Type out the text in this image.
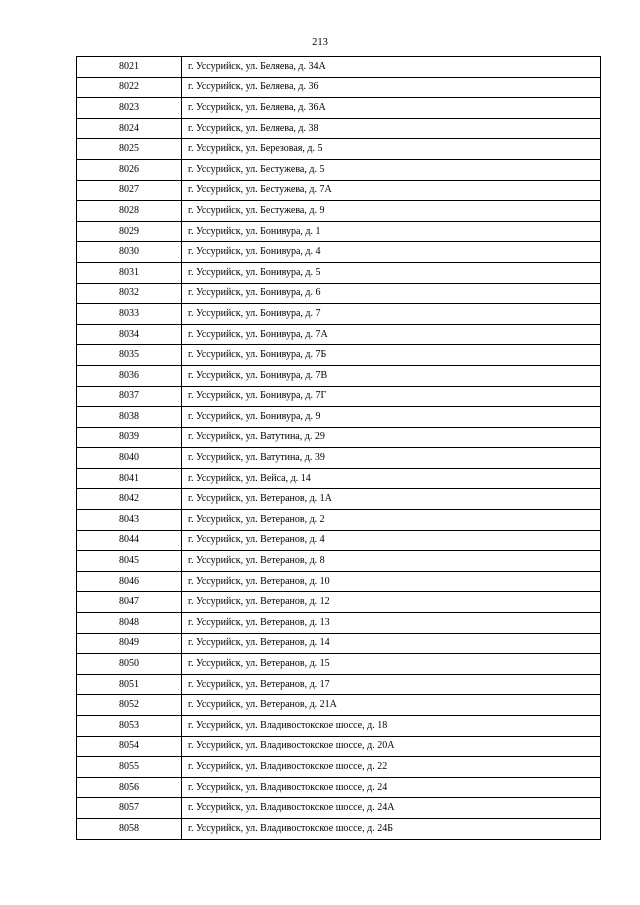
213
8021	г. Уссурийск, ул. Беляева, д. 34А
8022	г. Уссурийск, ул. Беляева, д. 36
8023	г. Уссурийск, ул. Беляева, д. 36А
8024	г. Уссурийск, ул. Беляева, д. 38
8025	г. Уссурийск, ул. Березовая, д. 5
8026	г. Уссурийск, ул. Бестужева, д. 5
8027	г. Уссурийск, ул. Бестужева, д. 7А
8028	г. Уссурийск, ул. Бестужева, д. 9
8029	г. Уссурийск, ул. Бонивура, д. 1
8030	г. Уссурийск, ул. Бонивура, д. 4
8031	г. Уссурийск, ул. Бонивура, д. 5
8032	г. Уссурийск, ул. Бонивура, д. 6
8033	г. Уссурийск, ул. Бонивура, д. 7
8034	г. Уссурийск, ул. Бонивура, д. 7А
8035	г. Уссурийск, ул. Бонивура, д. 7Б
8036	г. Уссурийск, ул. Бонивура, д. 7В
8037	г. Уссурийск, ул. Бонивура, д. 7Г
8038	г. Уссурийск, ул. Бонивура, д. 9
8039	г. Уссурийск, ул. Ватутина, д. 29
8040	г. Уссурийск, ул. Ватутина, д. 39
8041	г. Уссурийск, ул. Вейса, д. 14
8042	г. Уссурийск, ул. Ветеранов, д. 1А
8043	г. Уссурийск, ул. Ветеранов, д. 2
8044	г. Уссурийск, ул. Ветеранов, д. 4
8045	г. Уссурийск, ул. Ветеранов, д. 8
8046	г. Уссурийск, ул. Ветеранов, д. 10
8047	г. Уссурийск, ул. Ветеранов, д. 12
8048	г. Уссурийск, ул. Ветеранов, д. 13
8049	г. Уссурийск, ул. Ветеранов, д. 14
8050	г. Уссурийск, ул. Ветеранов, д. 15
8051	г. Уссурийск, ул. Ветеранов, д. 17
8052	г. Уссурийск, ул. Ветеранов, д. 21А
8053	г. Уссурийск, ул. Владивостокское шоссе, д. 18
8054	г. Уссурийск, ул. Владивостокское шоссе, д. 20А
8055	г. Уссурийск, ул. Владивостокское шоссе, д. 22
8056	г. Уссурийск, ул. Владивостокское шоссе, д. 24
8057	г. Уссурийск, ул. Владивостокское шоссе, д. 24А
8058	г. Уссурийск, ул. Владивостокское шоссе, д. 24Б
